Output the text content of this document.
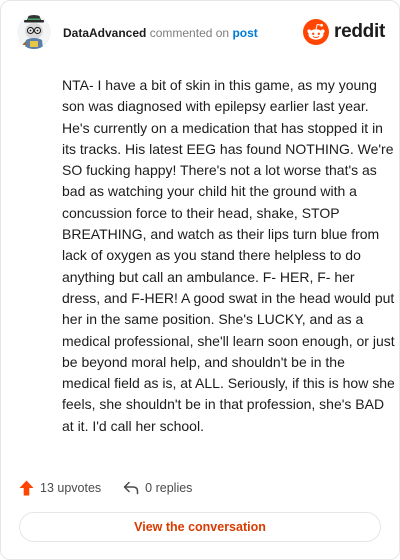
DataAdvanced commented on post	reddit

NTA- I have a bit of skin in this game, as my young son was diagnosed with epilepsy earlier last year. He's currently on a medication that has stopped it in its tracks. His latest EEG has found NOTHING. We're SO fucking happy! There's not a lot worse that's as bad as watching your child hit the ground with a concussion force to their head, shake, STOP BREATHING, and watch as their lips turn blue from lack of oxygen as you stand there helpless to do anything but call an ambulance. F- HER, F- her dress, and F-HER! A good swat in the head would put her in the same position. She's LUCKY, and as a medical professional, she'll learn soon enough, or just be beyond moral help, and shouldn't be in the medical field as is, at ALL. Seriously, if this is how she feels, she shouldn't be in that profession, she's BAD at it. I'd call her school.

13 upvotes	0 replies
View the conversation
